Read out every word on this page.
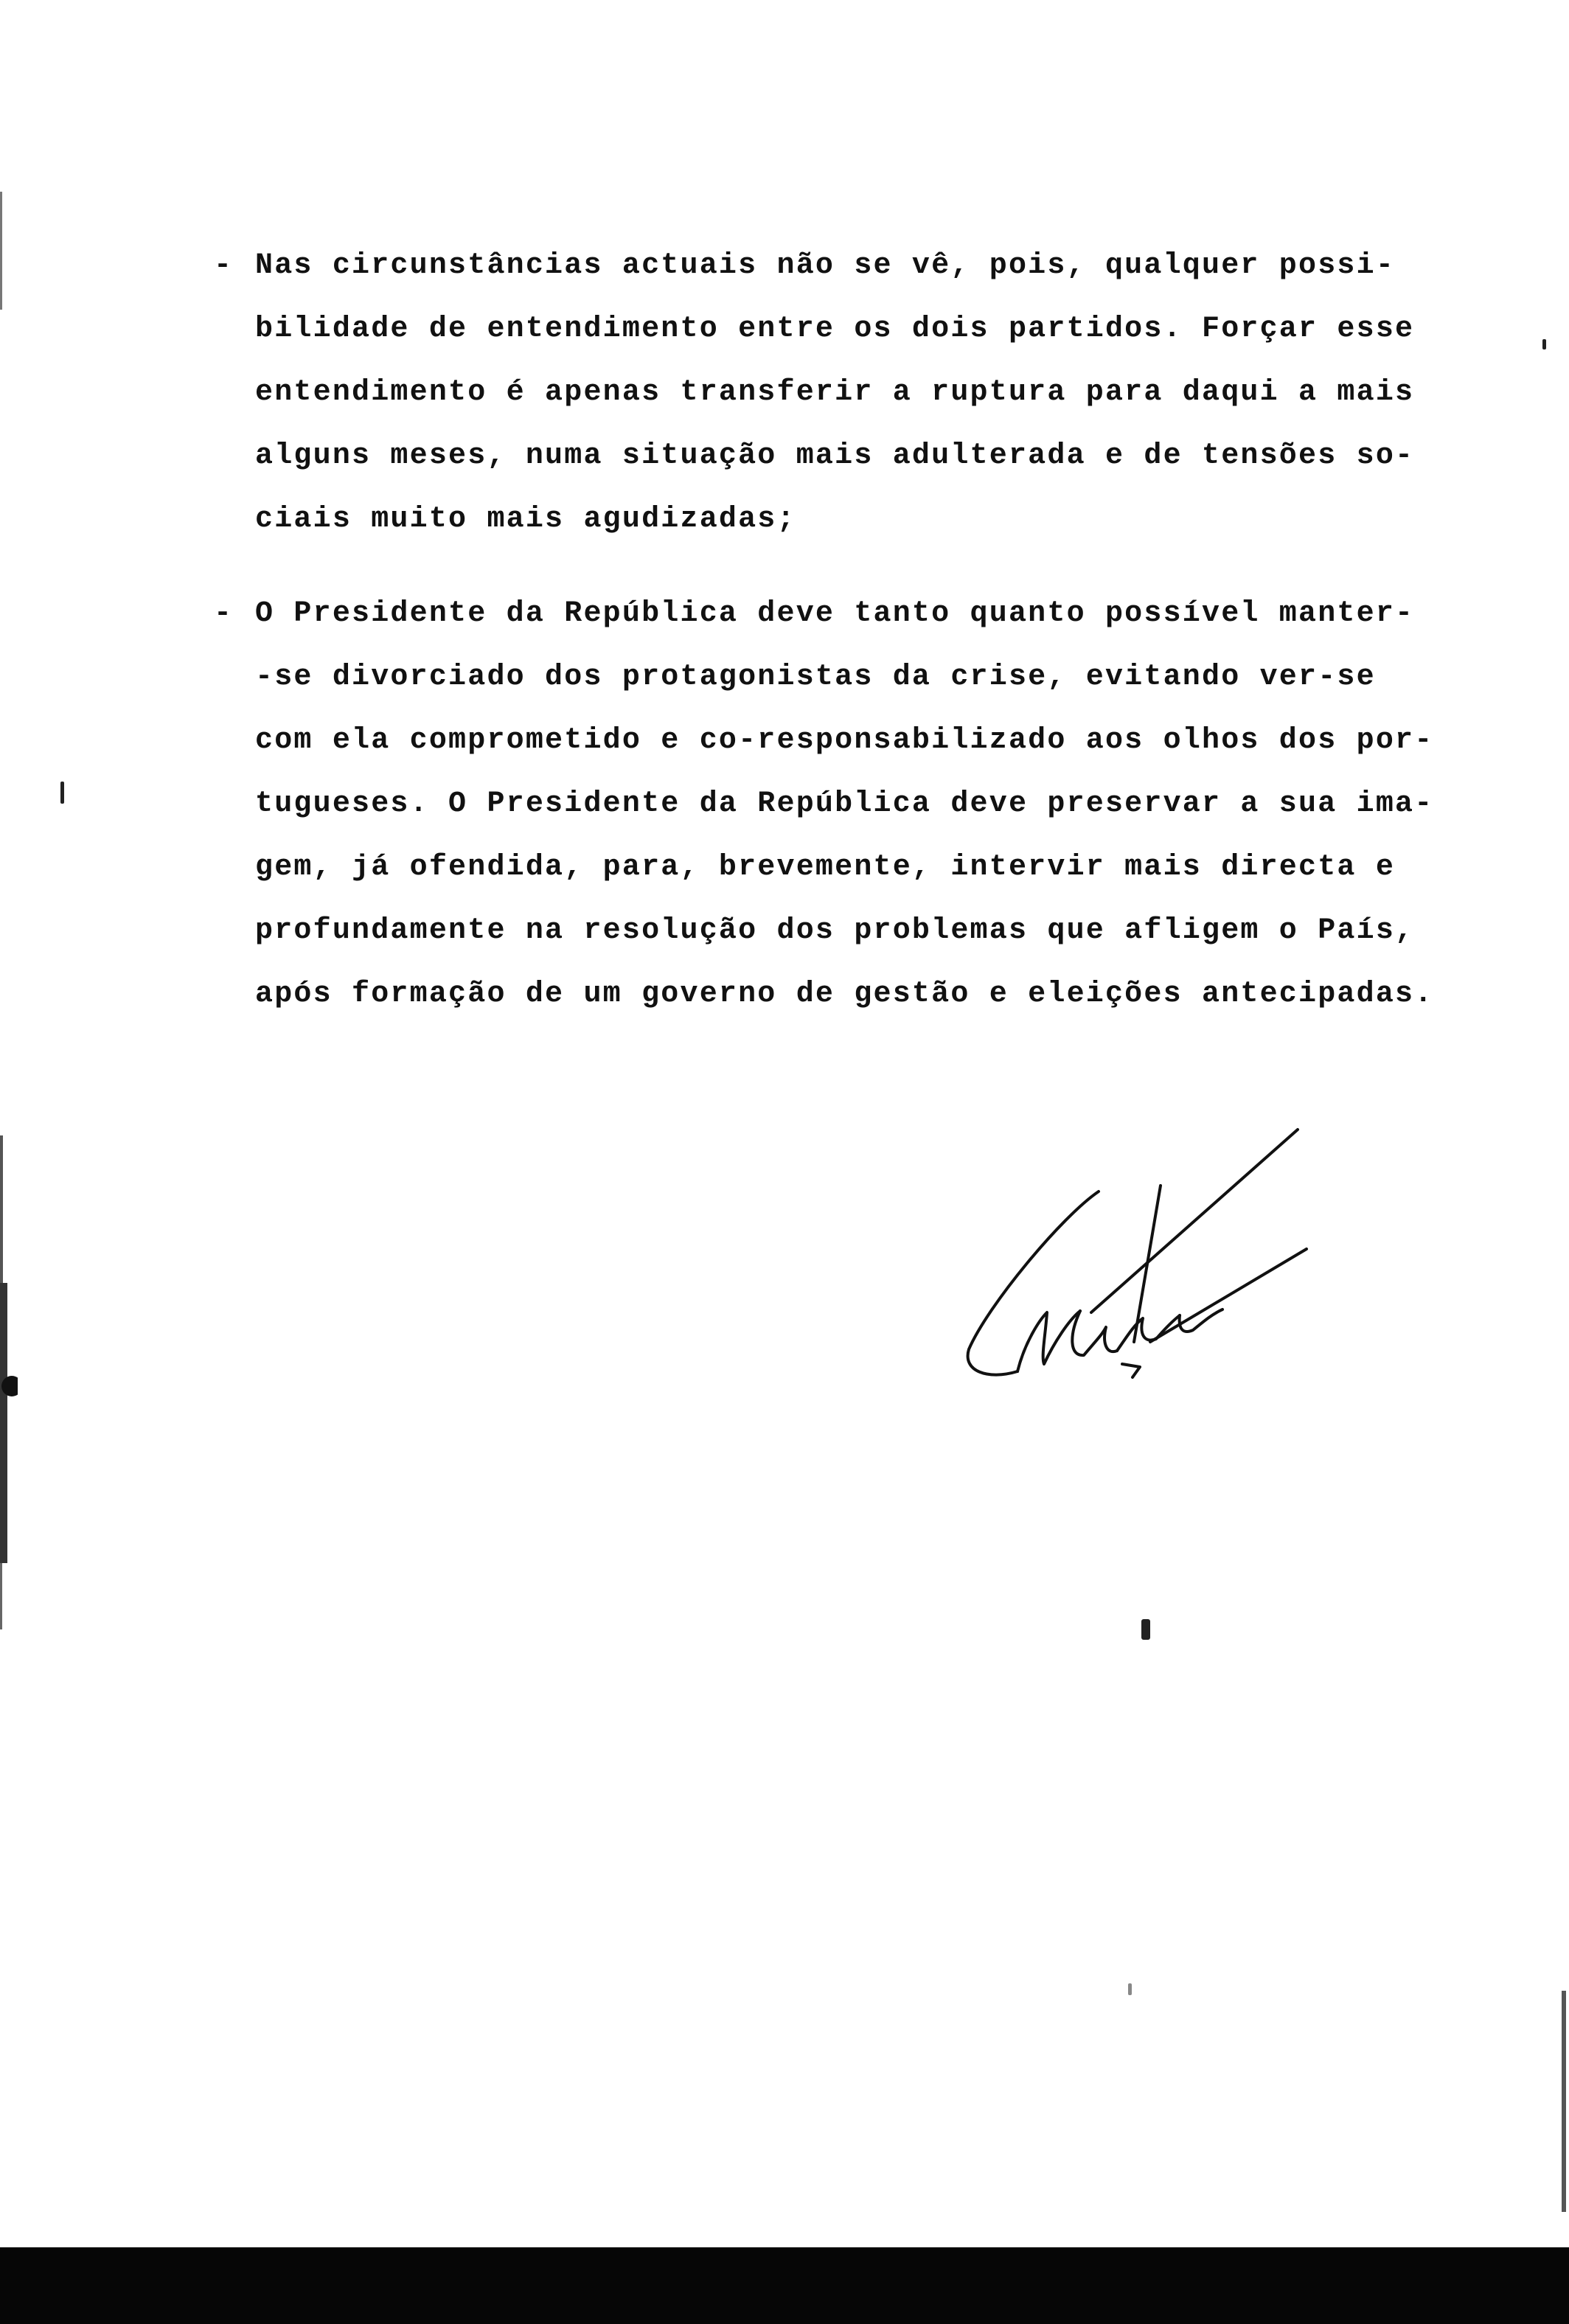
- Nas circunstâncias actuais não se vê, pois, qualquer possi-
bilidade de entendimento entre os dois partidos. Forçar esse
entendimento é apenas transferir a ruptura para daqui a mais
alguns meses, numa situação mais adulterada e de tensões so-
ciais muito mais agudizadas;
- O Presidente da República deve tanto quanto possível manter-
-se divorciado dos protagonistas da crise, evitando ver-se
com ela comprometido e co-responsabilizado aos olhos dos por-
tugueses. O Presidente da República deve preservar a sua ima-
gem, já ofendida, para, brevemente, intervir mais directa e
profundamente na resolução dos problemas que afligem o País,
após formação de um governo de gestão e eleições antecipadas.
